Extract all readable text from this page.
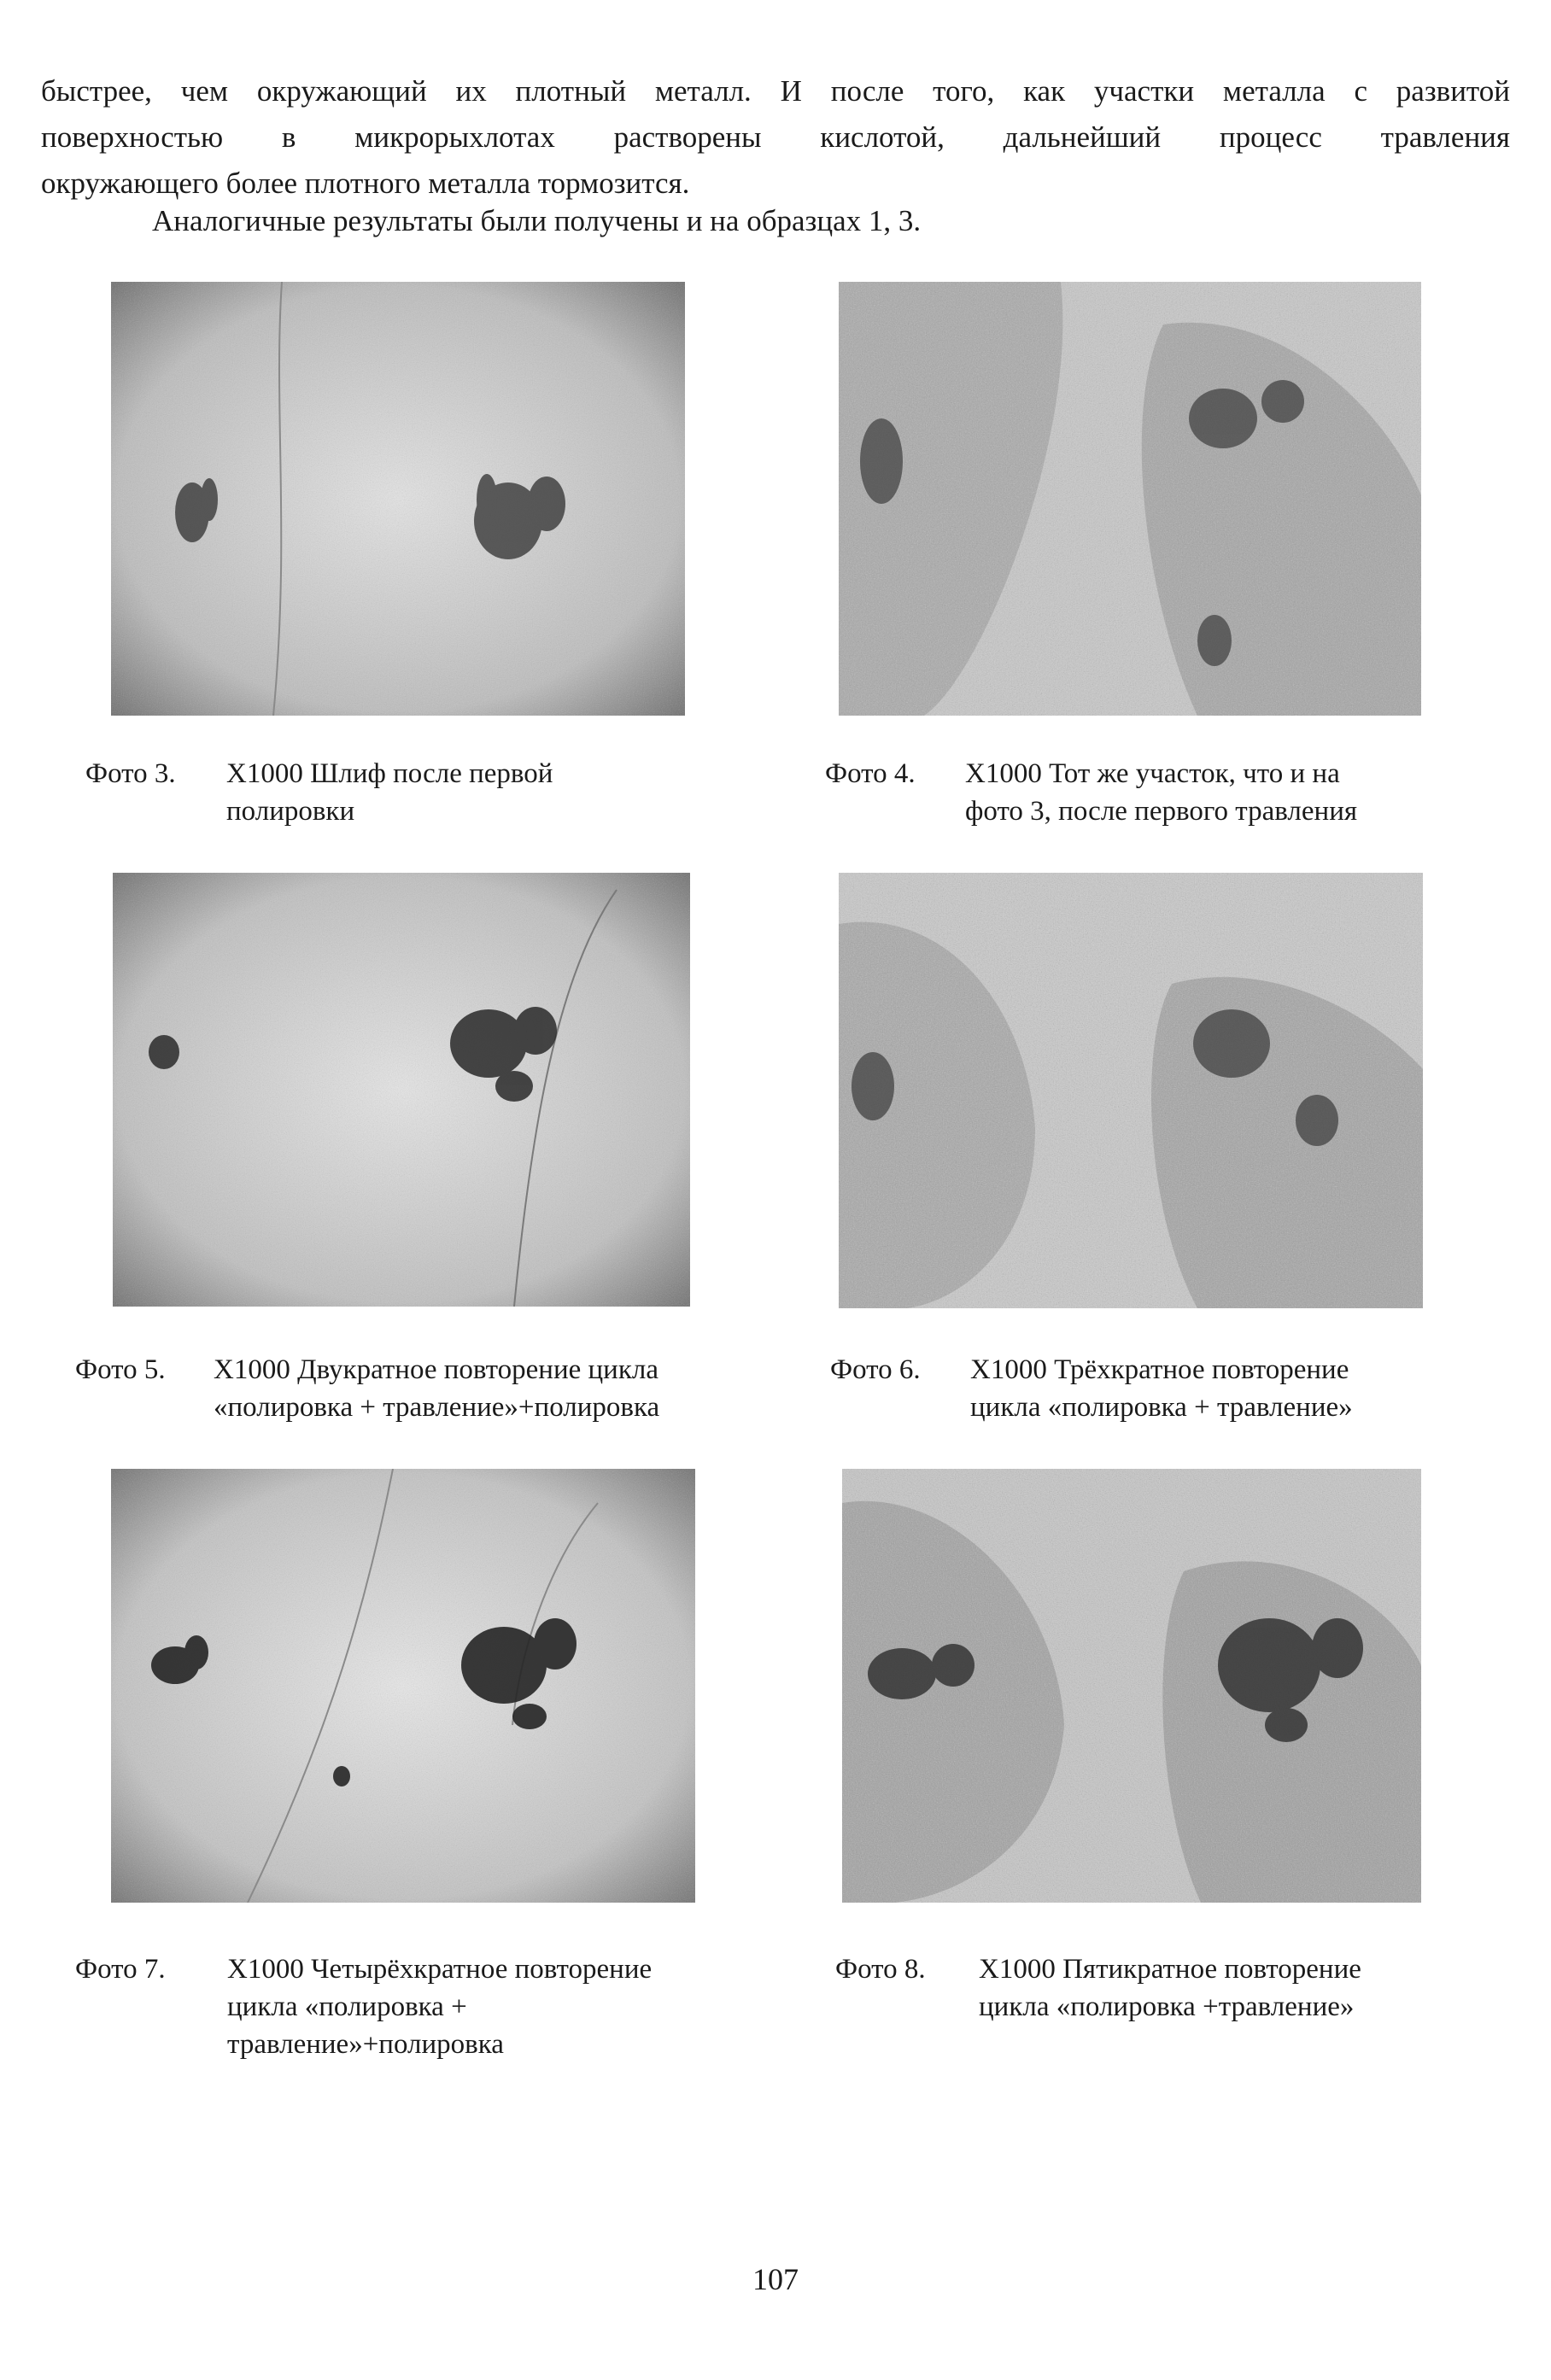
быстрее, чем окружающий их плотный металл. И после того, как участки металла с развитой
поверхностью в микрорыхлотах растворены кислотой, дальнейший процесс травления
окружающего более плотного металла тормозится.

Аналогичные результаты были получены и на образцах 1, 3.

Фото 3. X1000 Шлиф после первой
полировки
Фото 4. X1000 Тот же участок, что и на
фото 3, после первого травления
Фото 5. X1000 Двукратное повторение цикла
«полировка + травление»+полировка
Фото 6. X1000 Трёхкратное повторение
цикла «полировка + травление»
Фото 7. X1000 Четырёхкратное повторение
цикла «полировка +
травление»+полировка
Фото 8. X1000 Пятикратное повторение
цикла «полировка +травление»
107
